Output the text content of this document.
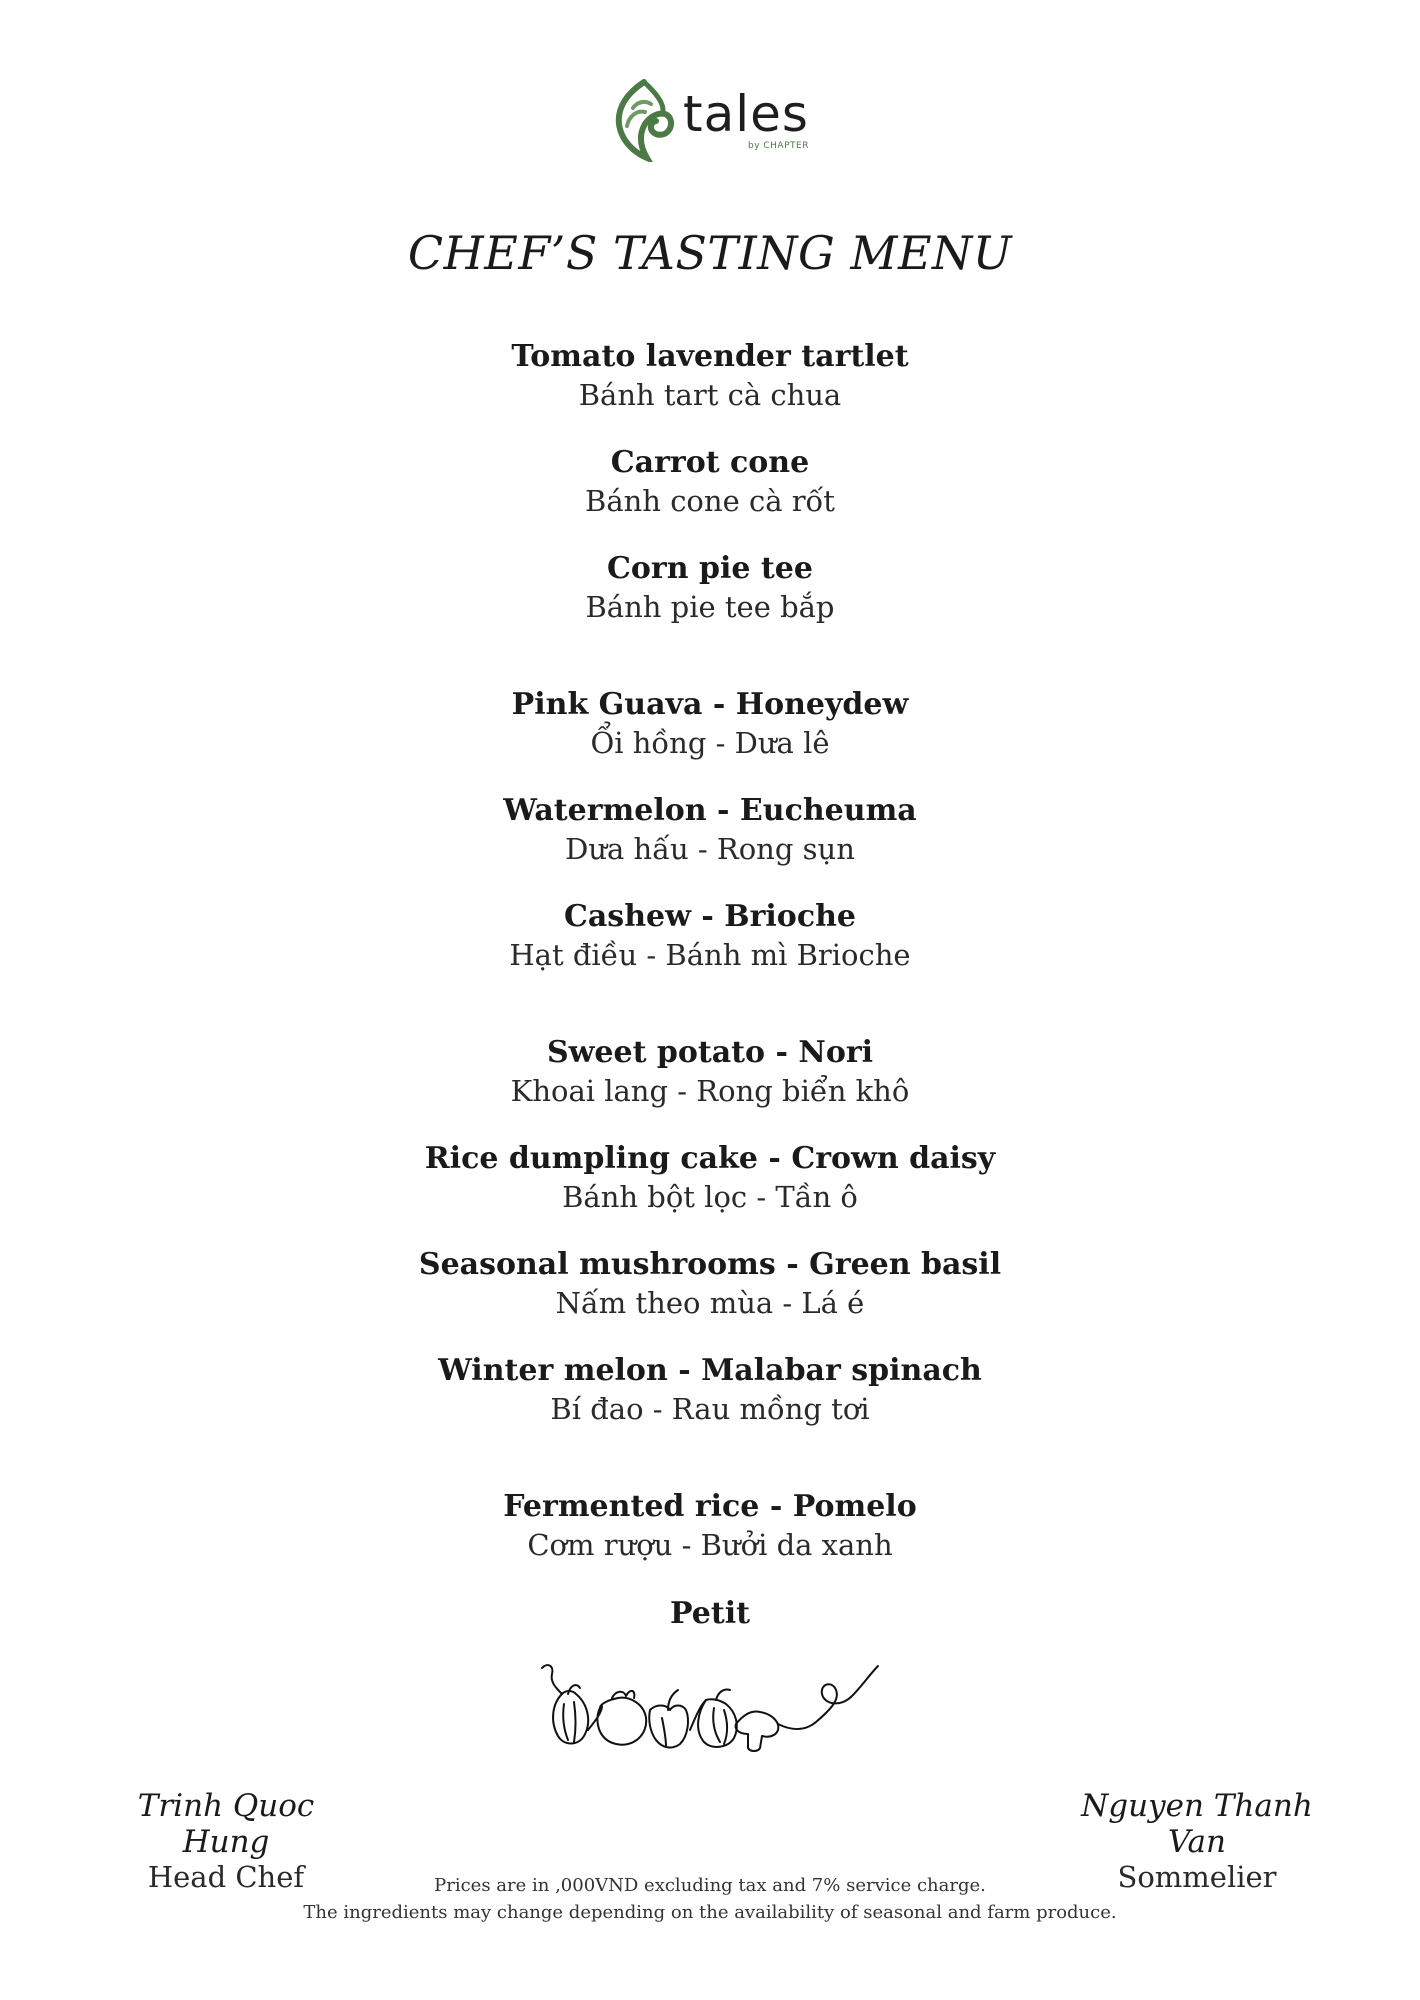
tales
by CHAPTER
CHEF’S TASTING MENU
Tomato lavender tartlet
Bánh tart cà chua
Carrot cone
Bánh cone cà rốt
Corn pie tee
Bánh pie tee bắp
Pink Guava - Honeydew
Ổi hồng - Dưa lê
Watermelon - Eucheuma
Dưa hấu - Rong sụn
Cashew - Brioche
Hạt điều - Bánh mì Brioche
Sweet potato - Nori
Khoai lang - Rong biển khô
Rice dumpling cake - Crown daisy
Bánh bột lọc - Tần ô
Seasonal mushrooms - Green basil
Nấm theo mùa - Lá é
Winter melon - Malabar spinach
Bí đao - Rau mồng tơi
Fermented rice - Pomelo
Cơm rượu - Bưởi da xanh
Petit
Trinh Quoc Hung
Head Chef
Nguyen Thanh Van
Sommelier
Prices are in ,000VND excluding tax and 7% service charge.
The ingredients may change depending on the availability of seasonal and farm produce.
